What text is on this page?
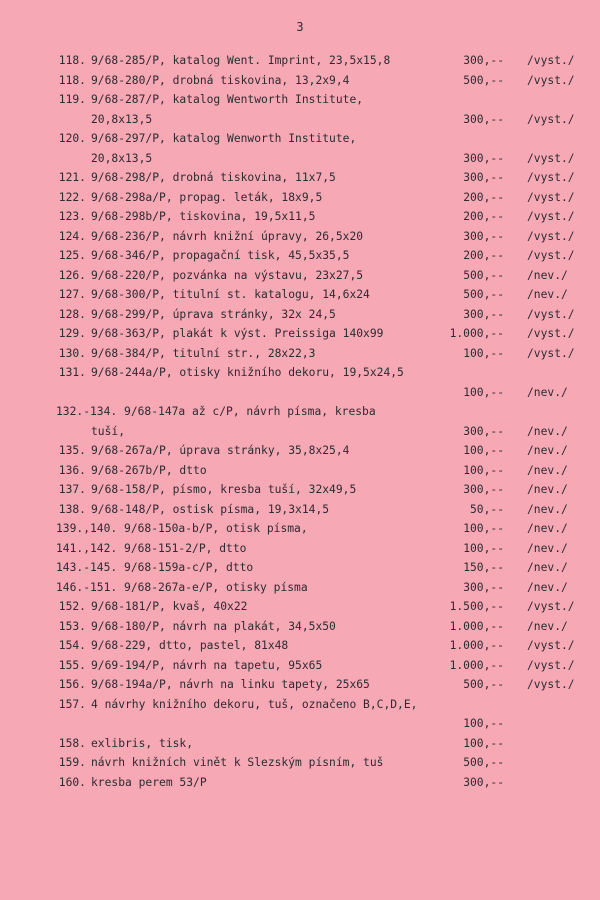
3
118. 9/68-285/P, katalog Went. Imprint, 23,5x15,8	300,-- /vyst./
118. 9/68-280/P, drobná tiskovina, 13,2x9,4	500,-- /vyst./
119. 9/68-287/P, katalog Wentworth Institute,
20,8x13,5	300,-- /vyst./
120. 9/68-297/P, katalog Wenworth Institute,
20,8x13,5	300,-- /vyst./
121. 9/68-298/P, drobná tiskovina, 11x7,5	300,-- /vyst./
122. 9/68-298a/P, propag. leták, 18x9,5	200,-- /vyst./
123. 9/68-298b/P, tiskovina, 19,5x11,5	200,-- /vyst./
124. 9/68-236/P, návrh knižní úpravy, 26,5x20	300,-- /vyst./
125. 9/68-346/P, propagační tisk, 45,5x35,5	200,-- /vyst./
126. 9/68-220/P, pozvánka na výstavu, 23x27,5	500,-- /nev./
127. 9/68-300/P, titulní st. katalogu, 14,6x24	500,-- /nev./
128. 9/68-299/P, úprava stránky, 32x 24,5	300,-- /vyst./
129. 9/68-363/P, plakát k výst. Preissiga 140x99	1.000,-- /vyst./
130. 9/68-384/P, titulní str., 28x22,3	100,-- /vyst./
131. 9/68-244a/P, otisky knižního dekoru, 19,5x24,5
100,-- /nev./
132.-134. 9/68-147a až c/P, návrh písma, kresba
tuší,	300,-- /nev./
135. 9/68-267a/P, úprava stránky, 35,8x25,4	100,-- /nev./
136. 9/68-267b/P, dtto	100,-- /nev./
137. 9/68-158/P, písmo, kresba tuší, 32x49,5	300,-- /nev./
138. 9/68-148/P, ostisk písma, 19,3x14,5	50,-- /nev./
139.,140. 9/68-150a-b/P, otisk písma,	100,-- /nev./
141.,142. 9/68-151-2/P, dtto	100,-- /nev./
143.-145. 9/68-159a-c/P, dtto	150,-- /nev./
146.-151. 9/68-267a-e/P, otisky písma	300,-- /nev./
152. 9/68-181/P, kvaš, 40x22	1.500,-- /vyst./
153. 9/68-180/P, návrh na plakát, 34,5x50	1.000,-- /nev./
154. 9/68-229, dtto, pastel, 81x48	1.000,-- /vyst./
155. 9/69-194/P, návrh na tapetu, 95x65	1.000,-- /vyst./
156. 9/68-194a/P, návrh na linku tapety, 25x65	500,-- /vyst./
157. 4 návrhy knižního dekoru, tuš, označeno B,C,D,E,
100,--
158. exlibris, tisk,	100,--
159. návrh knižních vinět k Slezským písním, tuš	500,--
160. kresba perem 53/P	300,--
